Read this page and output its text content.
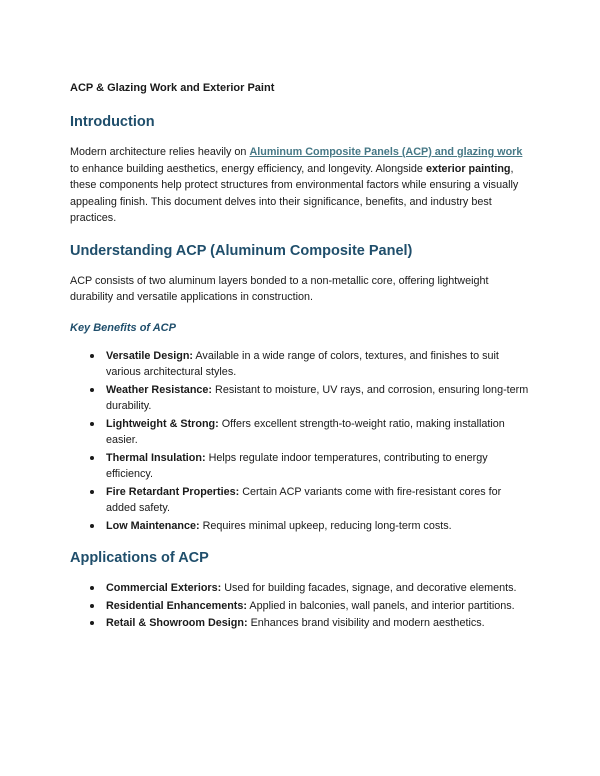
ACP & Glazing Work and Exterior Paint

Introduction

Modern architecture relies heavily on Aluminum Composite Panels (ACP) and glazing work to enhance building aesthetics, energy efficiency, and longevity. Alongside exterior painting, these components help protect structures from environmental factors while ensuring a visually appealing finish. This document delves into their significance, benefits, and industry best practices.

Understanding ACP (Aluminum Composite Panel)

ACP consists of two aluminum layers bonded to a non-metallic core, offering lightweight durability and versatile applications in construction.

Key Benefits of ACP
Versatile Design: Available in a wide range of colors, textures, and finishes to suit various architectural styles.
Weather Resistance: Resistant to moisture, UV rays, and corrosion, ensuring long-term durability.
Lightweight & Strong: Offers excellent strength-to-weight ratio, making installation easier.
Thermal Insulation: Helps regulate indoor temperatures, contributing to energy efficiency.
Fire Retardant Properties: Certain ACP variants come with fire-resistant cores for added safety.
Low Maintenance: Requires minimal upkeep, reducing long-term costs.
Applications of ACP
Commercial Exteriors: Used for building facades, signage, and decorative elements.
Residential Enhancements: Applied in balconies, wall panels, and interior partitions.
Retail & Showroom Design: Enhances brand visibility and modern aesthetics.
